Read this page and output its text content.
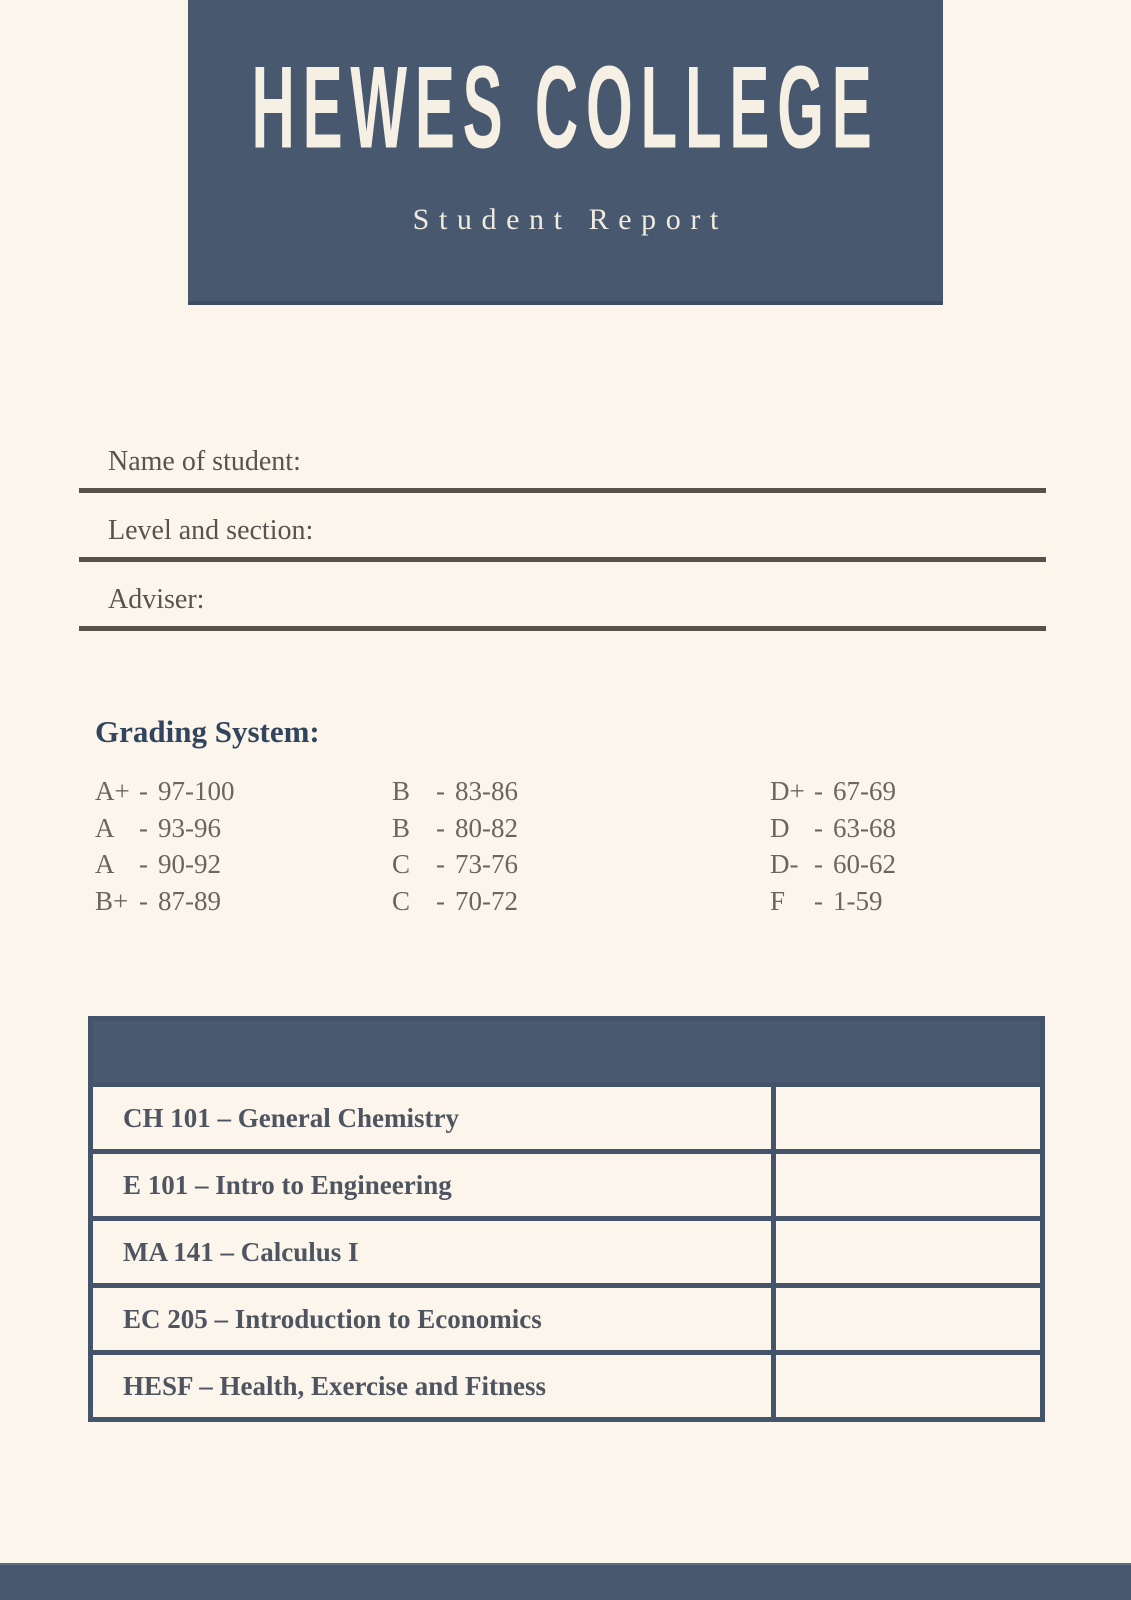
HEWES COLLEGE
Student Report
Name of student:
Level and section:
Adviser:
Grading System:
A+ - 97-100
A - 93-96
A - 90-92
B+ - 87-89
B - 83-86
B - 80-82
C - 73-76
C - 70-72
D+ - 67-69
D - 63-68
D- - 60-62
F - 1-59
CH 101 – General Chemistry
E 101 – Intro to Engineering
MA 141 – Calculus I
EC 205 – Introduction to Economics
HESF – Health, Exercise and Fitness
